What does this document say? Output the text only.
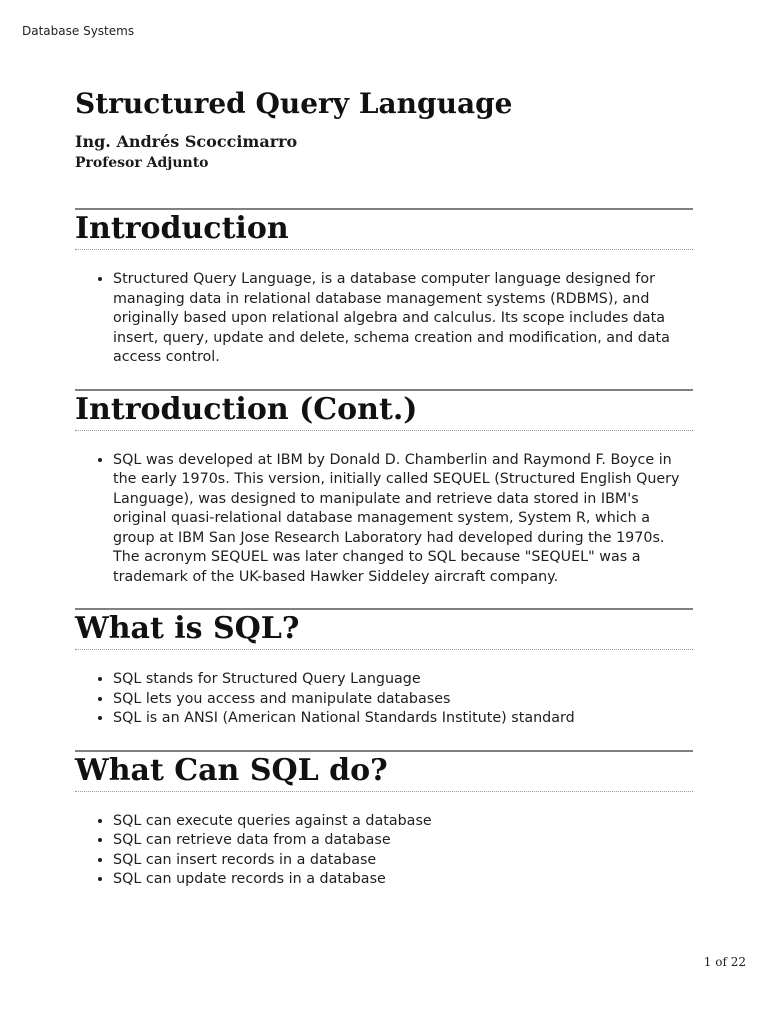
Database Systems
Structured Query Language
Ing. Andrés Scoccimarro
Profesor Adjunto
Introduction
• Structured Query Language, is a database computer language designed for managing data in relational database management systems (RDBMS), and originally based upon relational algebra and calculus. Its scope includes data insert, query, update and delete, schema creation and modification, and data access control.
Introduction (Cont.)
• SQL was developed at IBM by Donald D. Chamberlin and Raymond F. Boyce in the early 1970s. This version, initially called SEQUEL (Structured English Query Language), was designed to manipulate and retrieve data stored in IBM's original quasi-relational database management system, System R, which a group at IBM San Jose Research Laboratory had developed during the 1970s. The acronym SEQUEL was later changed to SQL because "SEQUEL" was a trademark of the UK-based Hawker Siddeley aircraft company.
What is SQL?
• SQL stands for Structured Query Language
• SQL lets you access and manipulate databases
• SQL is an ANSI (American National Standards Institute) standard
What Can SQL do?
• SQL can execute queries against a database
• SQL can retrieve data from a database
• SQL can insert records in a database
• SQL can update records in a database
1 of 22
